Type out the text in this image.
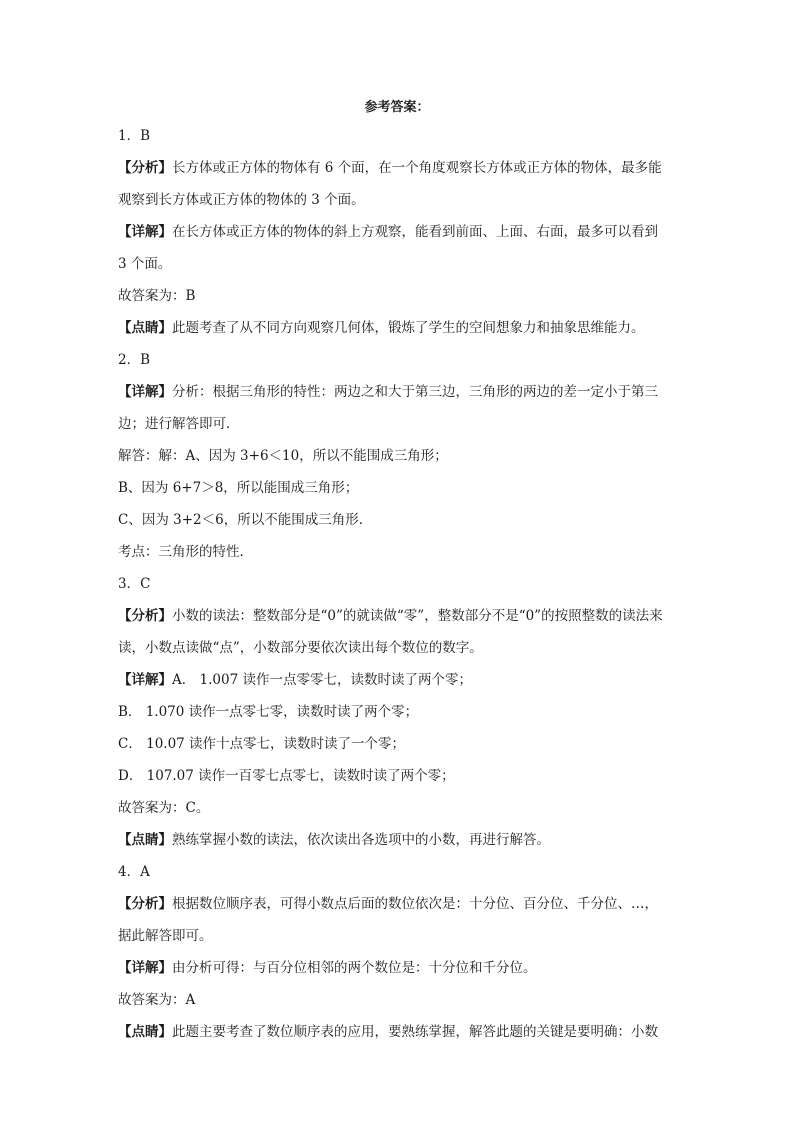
参考答案：
1．B
【分析】长方体或正方体的物体有 6 个面，在一个角度观察长方体或正方体的物体，最多能
观察到长方体或正方体的物体的 3 个面。
【详解】在长方体或正方体的物体的斜上方观察，能看到前面、上面、右面，最多可以看到
3 个面。
故答案为：B
【点睛】此题考查了从不同方向观察几何体，锻炼了学生的空间想象力和抽象思维能力。
2．B
【详解】分析：根据三角形的特性：两边之和大于第三边，三角形的两边的差一定小于第三
边；进行解答即可．
解答：解：A、因为 3+6＜10，所以不能围成三角形；
B、因为 6+7＞8，所以能围成三角形；
C、因为 3+2＜6，所以不能围成三角形．
考点：三角形的特性．
3．C
【分析】小数的读法：整数部分是“0”的就读做“零”，整数部分不是“0”的按照整数的读法来
读，小数点读做“点”，小数部分要依次读出每个数位的数字。
【详解】A． 1.007 读作一点零零七，读数时读了两个零；
B． 1.070 读作一点零七零，读数时读了两个零；
C． 10.07 读作十点零七，读数时读了一个零；
D． 107.07 读作一百零七点零七，读数时读了两个零；
故答案为：C。
【点睛】熟练掌握小数的读法，依次读出各选项中的小数，再进行解答。
4．A
【分析】根据数位顺序表，可得小数点后面的数位依次是：十分位、百分位、千分位、…，
据此解答即可。
【详解】由分析可得：与百分位相邻的两个数位是：十分位和千分位。
故答案为：A
【点睛】此题主要考查了数位顺序表的应用，要熟练掌握，解答此题的关键是要明确：小数
